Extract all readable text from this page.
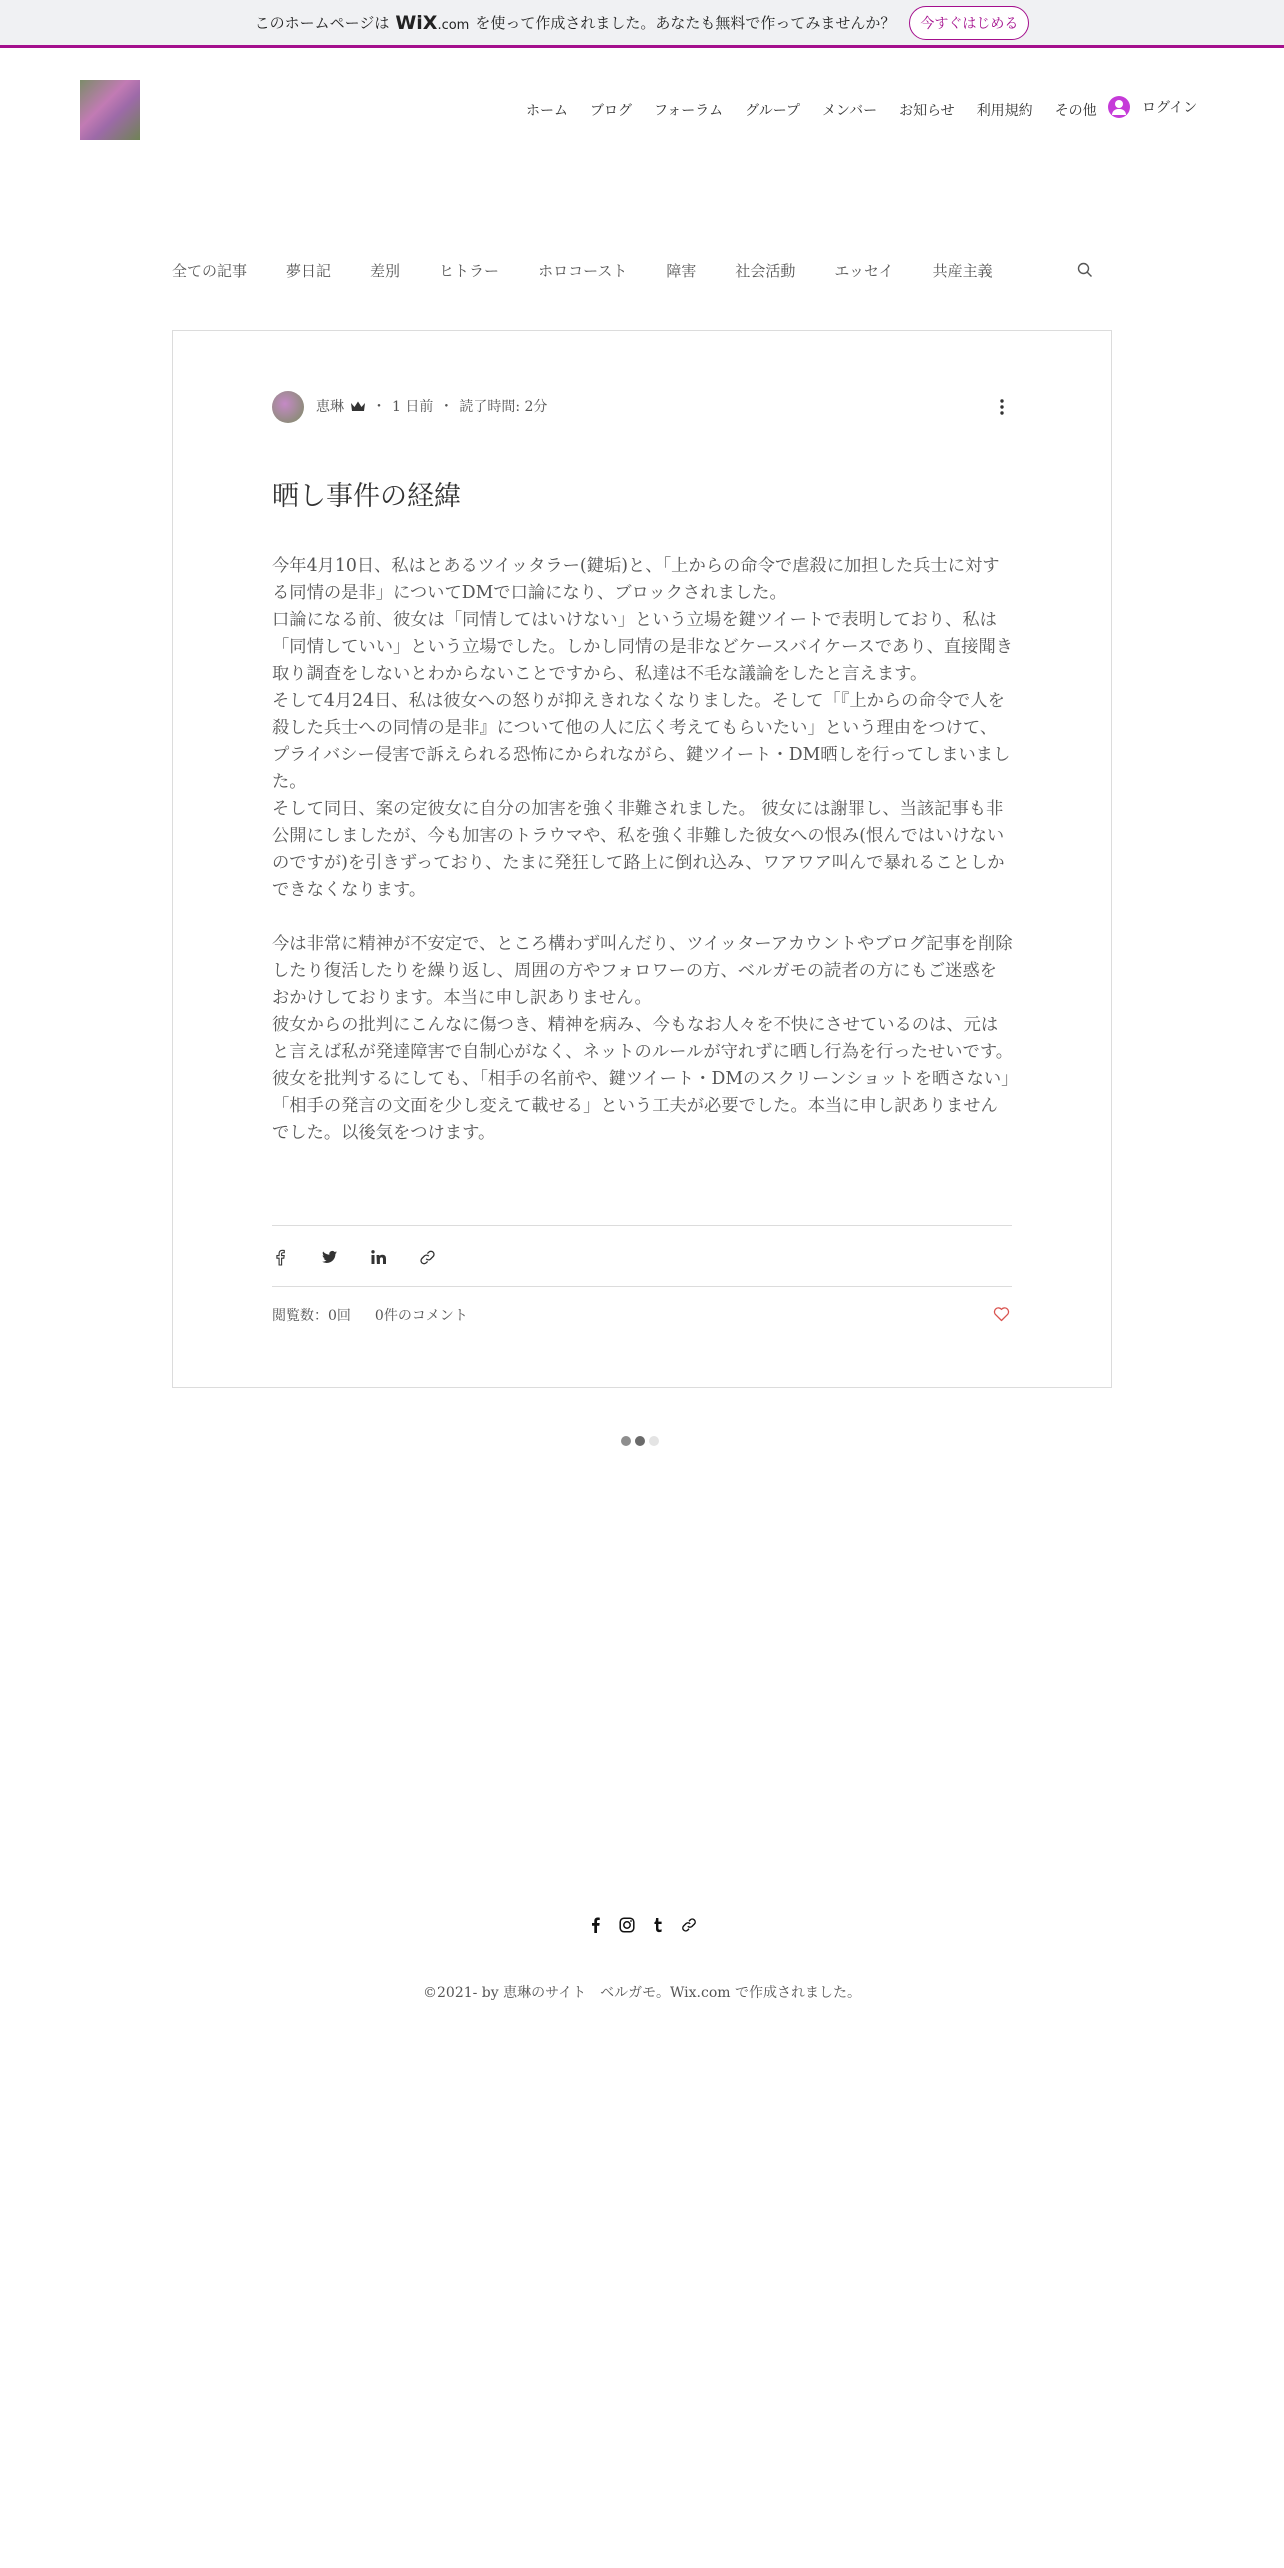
このホームページは WiX.com を使って作成されました。あなたも無料で作ってみませんか？	今すぐはじめる
ホーム	ブログ	フォーラム	グループ	メンバー	お知らせ	利用規約	その他	ログイン
全ての記事	夢日記	差別	ヒトラー	ホロコースト	障害	社会活動	エッセイ	共産主義
恵琳 ・ 1 日前 ・ 読了時間: 2分
晒し事件の経緯

今年4月10日、私はとあるツイッタラー(鍵垢)と、「上からの命令で虐殺に加担した兵士に対する同情の是非」についてDMで口論になり、ブロックされました。

口論になる前、彼女は「同情してはいけない」という立場を鍵ツイートで表明しており、私は「同情していい」という立場でした。しかし同情の是非などケースバイケースであり、直接聞き取り調査をしないとわからないことですから、私達は不毛な議論をしたと言えます。

そして4月24日、私は彼女への怒りが抑えきれなくなりました。そして「『上からの命令で人を殺した兵士への同情の是非』について他の人に広く考えてもらいたい」という理由をつけて、プライバシー侵害で訴えられる恐怖にかられながら、鍵ツイート・DM晒しを行ってしまいました。

そして同日、案の定彼女に自分の加害を強く非難されました。 彼女には謝罪し、当該記事も非公開にしましたが、今も加害のトラウマや、私を強く非難した彼女への恨み(恨んではいけないのですが)を引きずっており、たまに発狂して路上に倒れ込み、ワアワア叫んで暴れることしかできなくなります。

今は非常に精神が不安定で、ところ構わず叫んだり、ツイッターアカウントやブログ記事を削除したり復活したりを繰り返し、周囲の方やフォロワーの方、ベルガモの読者の方にもご迷惑をおかけしております。本当に申し訳ありません。

彼女からの批判にこんなに傷つき、精神を病み、今もなお人々を不快にさせているのは、元はと言えば私が発達障害で自制心がなく、ネットのルールが守れずに晒し行為を行ったせいです。

彼女を批判するにしても、「相手の名前や、鍵ツイート・DMのスクリーンショットを晒さない」「相手の発言の文面を少し変えて載せる」という工夫が必要でした。本当に申し訳ありませんでした。以後気をつけます。

閲覧数：0回 0件のコメント
©2021- by 恵琳のサイト　ベルガモ。Wix.com で作成されました。
